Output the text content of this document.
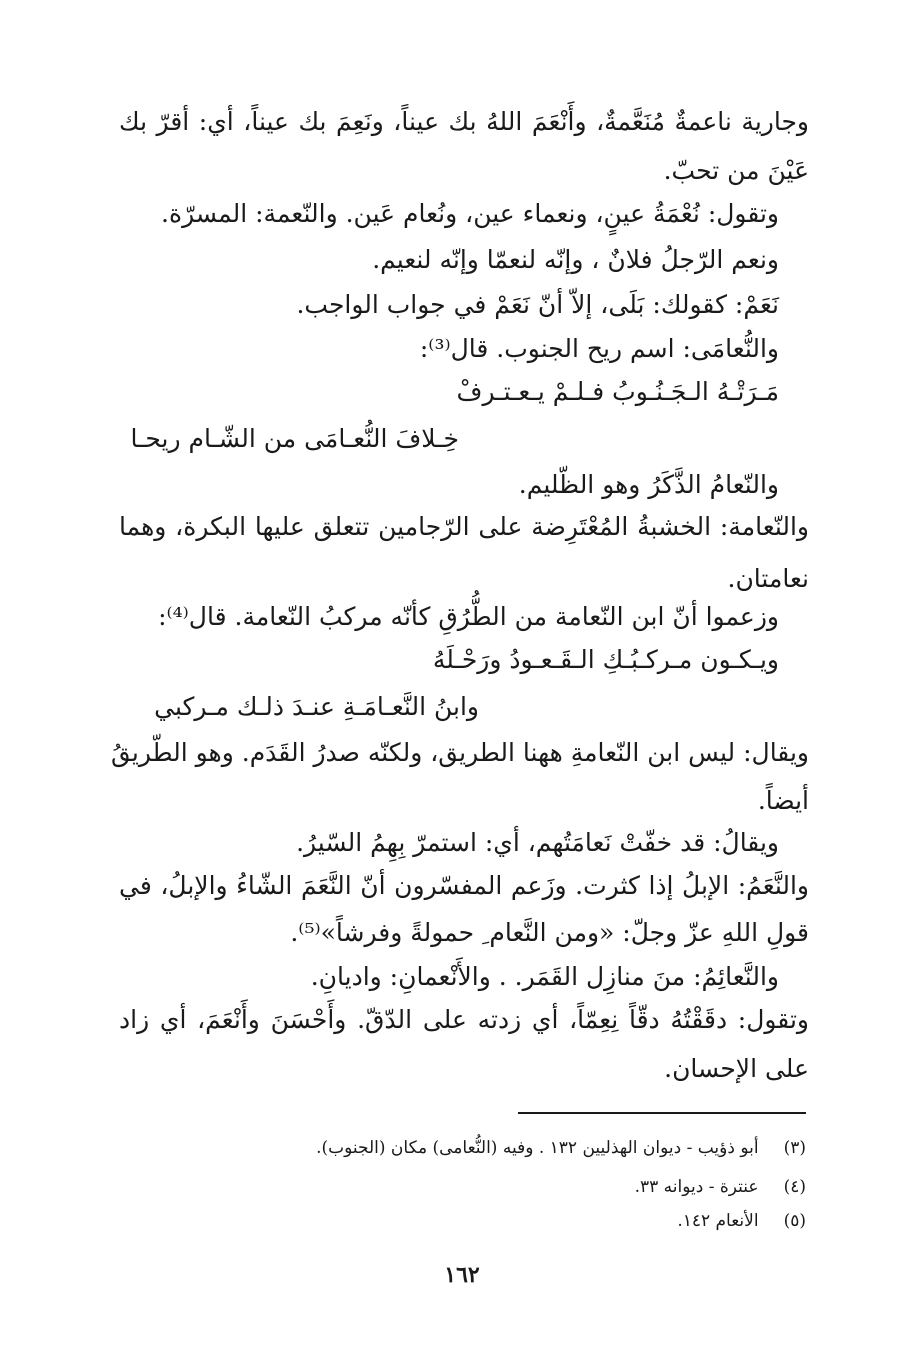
وجارية ناعمةٌ مُنَعَّمةٌ، وأَنْعَمَ اللهُ بك عيناً، ونَعِمَ بك عيناً، أي: أقرّ بك
عَيْنَ من تحبّ.
وتقول: نُعْمَةُ عينٍ، ونعماء عين، ونُعام عَين. والنّعمة: المسرّة.
ونعم الرّجلُ فلانٌ ، وإنّه لنعمّا وإنّه لنعيم.
نَعَمْ: كقولك: بَلَى، إلاّ أنّ نَعَمْ في جواب الواجب.
والنُّعامَى: اسم ريح الجنوب. قال⁽³⁾:
مَـرَتْـهُ الـجَـنُـوبُ فـلـمْ يـعـتـرفْ
خِـلافَ النُّعـامَى من الشّـام ريحـا
والنّعامُ الذَّكَرُ وهو الظّليم.
والنّعامة: الخشبةُ المُعْتَرِضة على الرّجامين تتعلق عليها البكرة، وهما
نعامتان.
وزعموا أنّ ابن النّعامة من الطُّرُقِ كأنّه مركبُ النّعامة. قال⁽⁴⁾:
ويـكـون مـركـبُـكِ الـقَـعـودُ ورَحْـلَهُ
وابنُ النَّعـامَـةِ عنـدَ ذلـك مـركبي
ويقال: ليس ابن النّعامةِ ههنا الطريق، ولكنّه صدرُ القَدَم. وهو الطّريقُ
أيضاً.
ويقالُ: قد خفّتْ نَعامَتُهم، أي: استمرّ بِهِمُ السّيرُ.
والنَّعَمُ: الإبلُ إذا كثرت. وزَعم المفسّرون أنّ النَّعَمَ الشّاءُ والإبلُ، في
قولِ اللهِ عزّ وجلّ: «ومن النَّعام ِ حمولةً وفرشاً»⁽⁵⁾.
والنَّعائِمُ: منَ منازِل القَمَر. . والأَنْعمانِ: واديانِ.
وتقول: دقَقْتُهُ دقّاً نِعِمّاً، أي زدته على الدّقّ. وأَحْسَنَ وأَنْعَمَ، أي زاد
على الإحسان.
(٣) أبو ذؤيب - ديوان الهذليين ١٣٢ . وفيه (النُّعامى) مكان (الجنوب).
(٤) عنترة - ديوانه ٣٣.
(٥) الأنعام ١٤٢.
١٦٢
